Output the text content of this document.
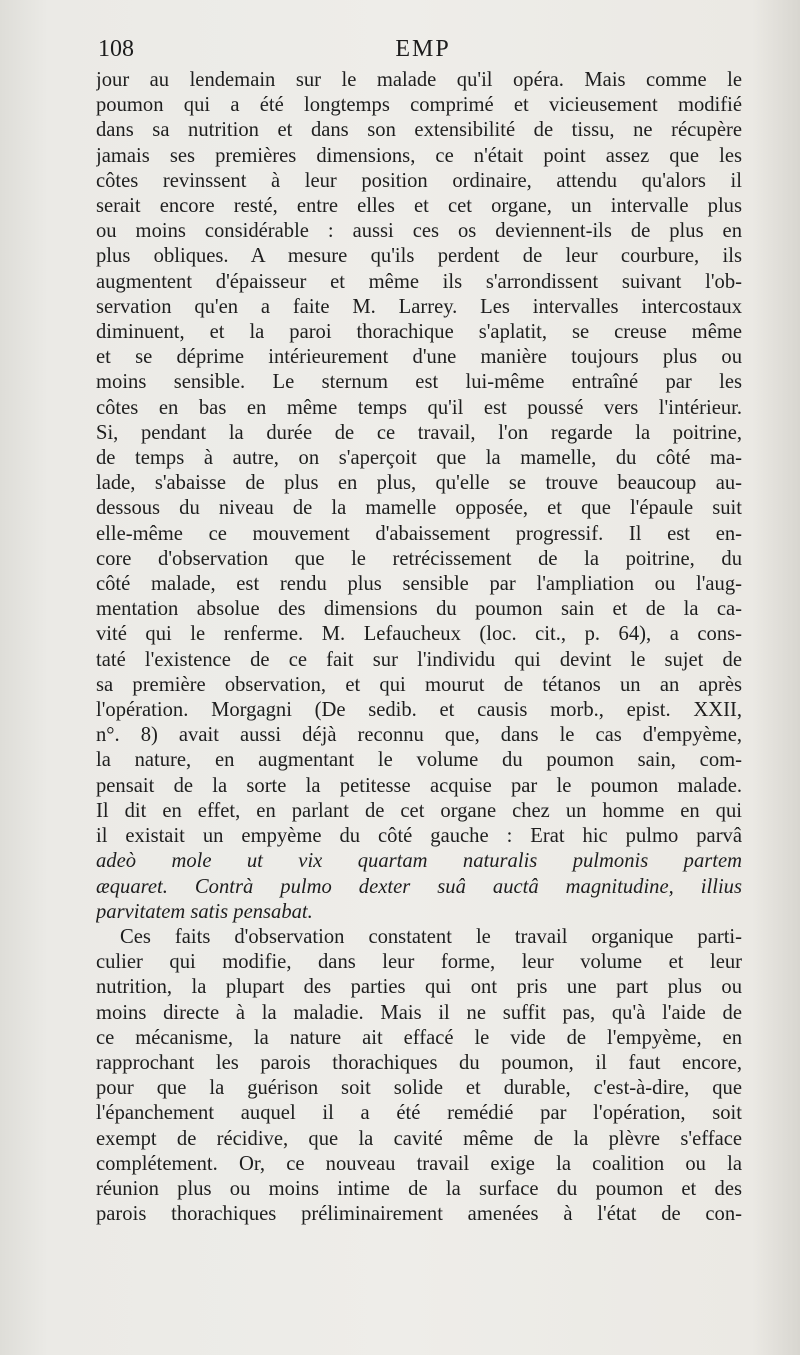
108	EMP

jour au lendemain sur le malade qu'il opéra. Mais comme le
poumon qui a été longtemps comprimé et vicieusement modifié
dans sa nutrition et dans son extensibilité de tissu, ne récupère
jamais ses premières dimensions, ce n'était point assez que les
côtes revinssent à leur position ordinaire, attendu qu'alors il
serait encore resté, entre elles et cet organe, un intervalle plus
ou moins considérable : aussi ces os deviennent-ils de plus en
plus obliques. A mesure qu'ils perdent de leur courbure, ils
augmentent d'épaisseur et même ils s'arrondissent suivant l'ob-
servation qu'en a faite M. Larrey. Les intervalles intercostaux
diminuent, et la paroi thorachique s'aplatit, se creuse même
et se déprime intérieurement d'une manière toujours plus ou
moins sensible. Le sternum est lui-même entraîné par les
côtes en bas en même temps qu'il est poussé vers l'intérieur.
Si, pendant la durée de ce travail, l'on regarde la poitrine,
de temps à autre, on s'aperçoit que la mamelle, du côté ma-
lade, s'abaisse de plus en plus, qu'elle se trouve beaucoup au-
dessous du niveau de la mamelle opposée, et que l'épaule suit
elle-même ce mouvement d'abaissement progressif. Il est en-
core d'observation que le retrécissement de la poitrine, du
côté malade, est rendu plus sensible par l'ampliation ou l'aug-
mentation absolue des dimensions du poumon sain et de la ca-
vité qui le renferme. M. Lefaucheux (loc. cit., p. 64), a cons-
taté l'existence de ce fait sur l'individu qui devint le sujet de
sa première observation, et qui mourut de tétanos un an après
l'opération. Morgagni (De sedib. et causis morb., epist. XXII,
n°. 8) avait aussi déjà reconnu que, dans le cas d'empyème,
la nature, en augmentant le volume du poumon sain, com-
pensait de la sorte la petitesse acquise par le poumon malade.
Il dit en effet, en parlant de cet organe chez un homme en qui
il existait un empyème du côté gauche : Erat hic pulmo parvâ
adeò mole ut vix quartam naturalis pulmonis partem
æquaret. Contrà pulmo dexter suâ auctâ magnitudine, illius
parvitatem satis pensabat.

Ces faits d'observation constatent le travail organique parti-
culier qui modifie, dans leur forme, leur volume et leur
nutrition, la plupart des parties qui ont pris une part plus ou
moins directe à la maladie. Mais il ne suffit pas, qu'à l'aide de
ce mécanisme, la nature ait effacé le vide de l'empyème, en
rapprochant les parois thorachiques du poumon, il faut encore,
pour que la guérison soit solide et durable, c'est-à-dire, que
l'épanchement auquel il a été remédié par l'opération, soit
exempt de récidive, que la cavité même de la plèvre s'efface
complétement. Or, ce nouveau travail exige la coalition ou la
réunion plus ou moins intime de la surface du poumon et des
parois thorachiques préliminairement amenées à l'état de con-
